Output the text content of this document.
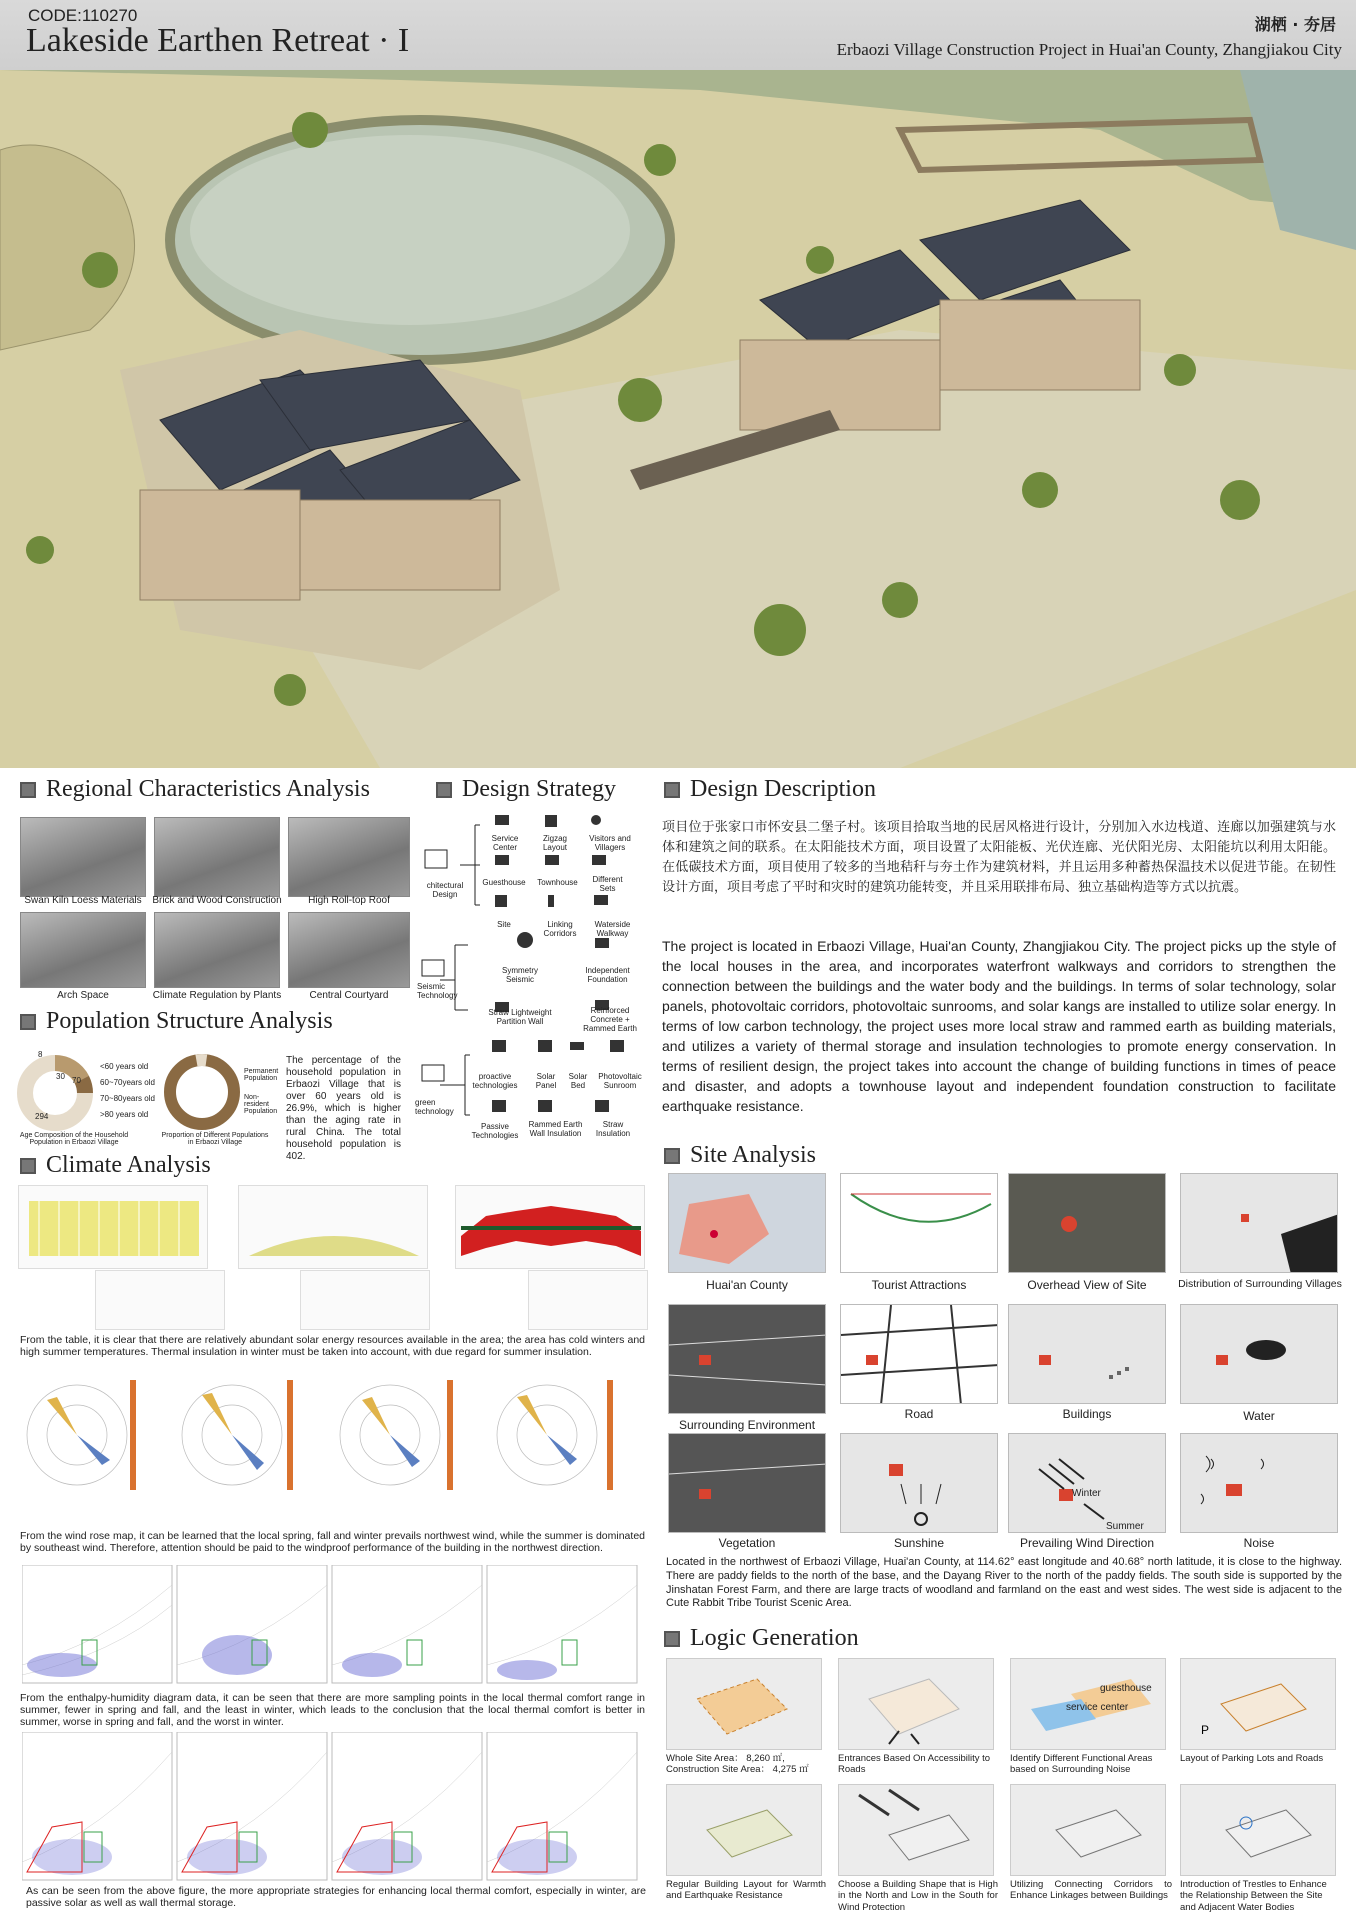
CODE:110270
Lakeside Earthen Retreat · I	湖栖 · 夯居
Erbaozi Village Construction Project in Huai'an County, Zhangjiakou City
Regional Characteristics Analysis
Swan Kiln Loess Materials	Brick and Wood Construction	High Roll-top Roof
Arch Space	Climate Regulation by Plants	Central Courtyard
Population Structure Analysis
8
70
30
294
<60 years old
60~70years old
70~80years old
>80 years old
Age Composition of the Household Population in Erbaozi Village
Permanent Population
Non-resident Population
Proportion of Different Populations in Erbaozi Village
The percentage of the household population in Erbaozi Village that is over 60 years old is 26.9%, which is higher than the aging rate in rural China. The total household population is 402.
Design Strategy
chitectural Design
Service Center
Zigzag Layout
Visitors and Villagers
Guesthouse	Townhouse	Different Sets
Site	Linking Corridors
Waterside Walkway
Seismic Technology
Symmetry Seismic
Independent Foundation
Straw Lightweight Partition Wall
Reinforced Concrete + Rammed Earth
green technology
proactive technologies
Solar Panel
Solar Bed
Photovoltaic Sunroom
Passive Technologies
Rammed Earth Wall Insulation
Straw Insulation
Design Description
项目位于张家口市怀安县二堡子村。该项目拾取当地的民居风格进行设计，分别加入水边栈道、连廊以加强建筑与水体和建筑之间的联系。在太阳能技术方面，项目设置了太阳能板、光伏连廊、光伏阳光房、太阳能坑以利用太阳能。在低碳技术方面，项目使用了较多的当地秸秆与夯土作为建筑材料，并且运用多种蓄热保温技术以促进节能。在韧性设计方面，项目考虑了平时和灾时的建筑功能转变，并且采用联排布局、独立基础构造等方式以抗震。
The project is located in Erbaozi Village, Huai'an County, Zhangjiakou City. The project picks up the style of the local houses in the area, and incorporates waterfront walkways and corridors to strengthen the connection between the buildings and the water body and the buildings. In terms of solar technology, solar panels, photovoltaic corridors, photovoltaic sunrooms, and solar kangs are installed to utilize solar energy. In terms of low carbon technology, the project uses more local straw and rammed earth as building materials, and utilizes a variety of thermal storage and insulation technologies to promote energy conservation. In terms of resilient design, the project takes into account the change of building functions in times of peace and disaster, and adopts a townhouse layout and independent foundation construction to facilitate earthquake resistance.
Climate Analysis
From the table, it is clear that there are relatively abundant solar energy resources available in the area; the area has cold winters and high summer temperatures. Thermal insulation in winter must be taken into account, with due regard for summer insulation.
From the wind rose map, it can be learned that the local spring, fall and winter prevails northwest wind, while the summer is dominated by southeast wind. Therefore, attention should be paid to the windproof performance of the building in the northwest direction.
From the enthalpy-humidity diagram data, it can be seen that there are more sampling points in the local thermal comfort range in summer, fewer in spring and fall, and the least in winter, which leads to the conclusion that the local thermal comfort is better in summer, worse in spring and fall, and the worst in winter.
As can be seen from the above figure, the more appropriate strategies for enhancing local thermal comfort, especially in winter, are passive solar as well as wall thermal storage.
Site Analysis
Huai'an County	Tourist Attractions	Overhead View of Site	Distribution of Surrounding Villages
Surrounding Environment
Road	Buildings	Water
Winter
Summer
Vegetation	Sunshine	Prevailing Wind Direction	Noise
Located in the northwest of Erbaozi Village, Huai'an County, at 114.62° east longitude and 40.68° north latitude, it is close to the highway. There are paddy fields to the north of the base, and the Dayang River to the north of the paddy fields. The south side is supported by the Jinshatan Forest Farm, and there are large tracts of woodland and farmland on the east and west sides. The west side is adjacent to the Cute Rabbit Tribe Tourist Scenic Area.
Logic Generation
guesthouse
service center
P
Whole Site Area： 8,260 ㎡, Construction Site Area： 4,275 ㎡
Entrances Based On Accessibility to Roads
Identify Different Functional Areas based on Surrounding Noise
Layout of Parking Lots and Roads
Regular Building Layout for Warmth and Earthquake Resistance
Choose a Building Shape that is High in the North and Low in the South for Wind Protection
Utilizing Connecting Corridors to Enhance Linkages between Buildings
Introduction of Trestles to Enhance the Relationship Between the Site and Adjacent Water Bodies
